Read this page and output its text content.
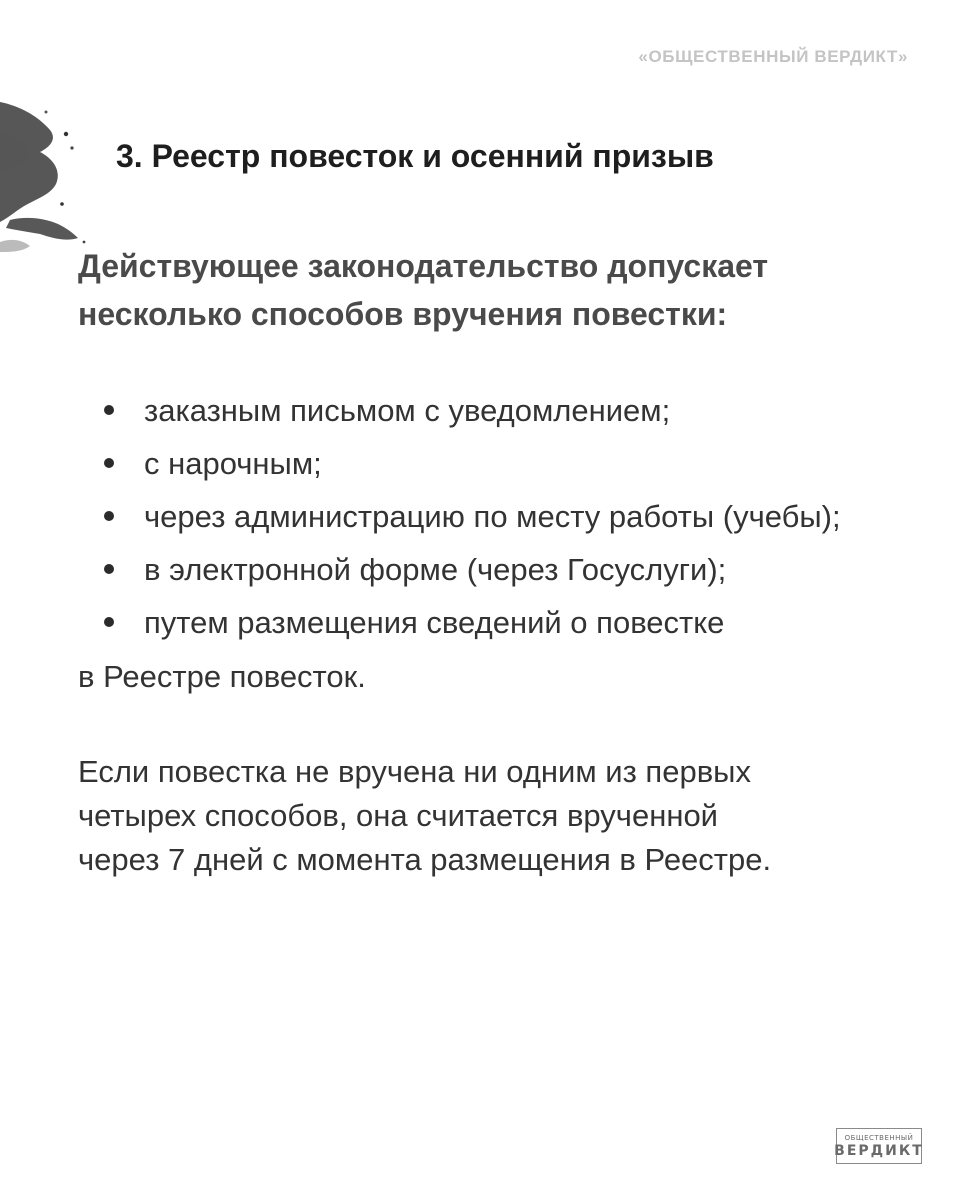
«ОБЩЕСТВЕННЫЙ ВЕРДИКТ»
3. Реестр повесток и осенний призыв

Действующее законодательство допускает
несколько способов вручения повестки:

заказным письмом с уведомлением;
с нарочным;
через администрацию по месту работы (учебы);
в электронной форме (через Госуслуги);
путем размещения сведений о повестке
в Реестре повесток.

Если повестка не вручена ни одним из первых
четырех способов, она считается врученной
через 7 дней с момента размещения в Реестре.

ОБЩЕСТВЕННЫЙ
ВЕРДИКТ
